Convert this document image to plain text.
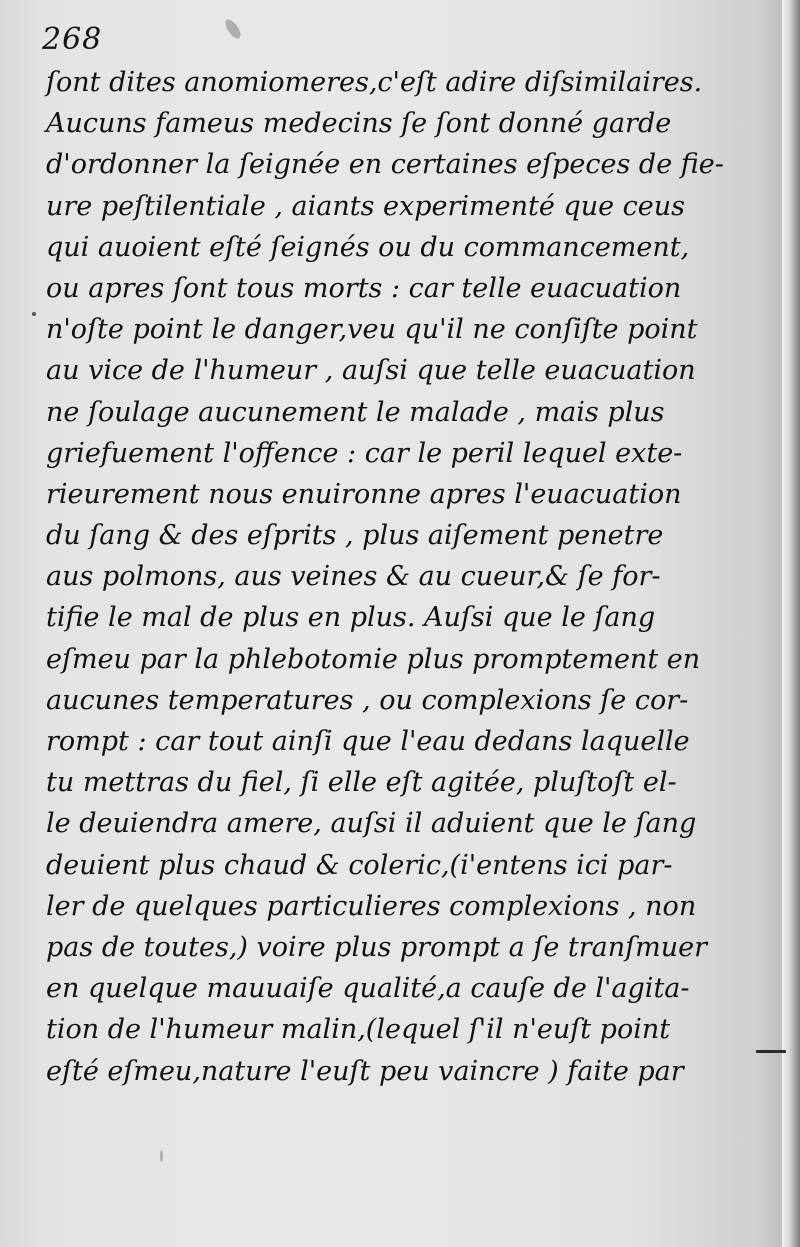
268
ſont dites anomiomeres,c'eſt adire diſsimilaires.
Aucuns fameus medecins ſe ſont donné garde
d'ordonner la ſeignée en certaines eſpeces de fie-
ure peſtilentiale , aiants experimenté que ceus
qui auoient eſté ſeignés ou du commancement,
ou apres ſont tous morts : car telle euacuation
n'oſte point le danger,veu qu'il ne conſiſte point
au vice de l'humeur , auſsi que telle euacuation
ne ſoulage aucunement le malade , mais plus
griefuement l'offence : car le peril lequel exte-
rieurement nous enuironne apres l'euacuation
du ſang & des eſprits , plus aiſement penetre
aus polmons, aus veines & au cueur,& ſe for-
tifie le mal de plus en plus. Auſsi que le ſang
eſmeu par la phlebotomie plus promptement en
aucunes temperatures , ou complexions ſe cor-
rompt : car tout ainſi que l'eau dedans laquelle
tu mettras du fiel, ſi elle eſt agitée, pluſtoſt el-
le deuiendra amere, auſsi il aduient que le ſang
deuient plus chaud & coleric,(i'entens ici par-
ler de quelques particulieres complexions , non
pas de toutes,) voire plus prompt a ſe tranſmuer
en quelque mauuaiſe qualité,a cauſe de l'agita-
tion de l'humeur malin,(lequel ſ'il n'euſt point
eſté eſmeu,nature l'euſt peu vaincre ) faite par
